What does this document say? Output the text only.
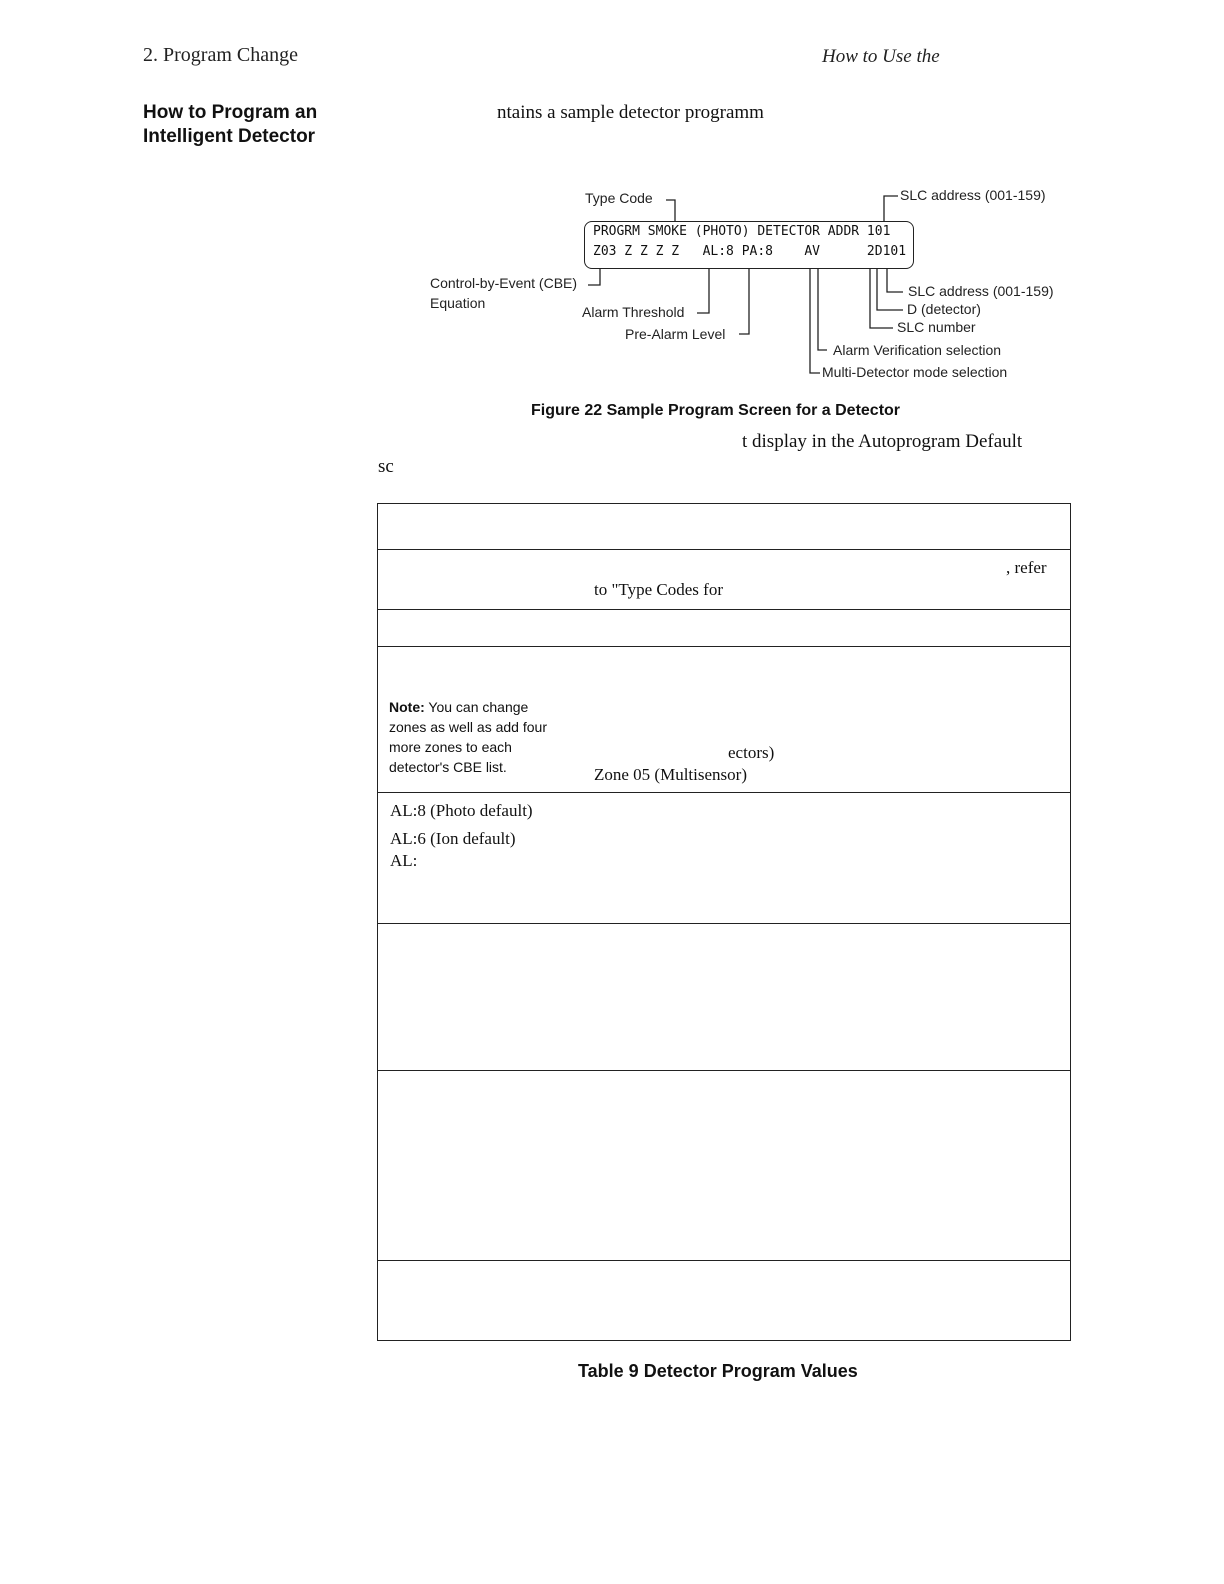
2. Program Change	How to Use the
How to Program an
Intelligent Detector
ntains a sample detector programm
PROGRM SMOKE (PHOTO) DETECTOR ADDR 101
Z03 Z Z Z Z   AL:8 PA:8    AV      2D101
Type Code	SLC address (001-159)
Control-by-Event (CBE)
Equation
Alarm Threshold
Pre-Alarm Level
SLC address (001-159)
D (detector)
SLC number
Alarm Verification selection
Multi-Detector mode selection
Figure 22 Sample Program Screen for a Detector
t display in the Autoprogram Default
sc
, refer
to "Type Codes for
Note: You can change
zones as well as add four
more zones to each
detector's CBE list.
ectors)
Zone 05 (Multisensor)
AL:8 (Photo default)
AL:6 (Ion default)
AL:
Table 9 Detector Program Values
